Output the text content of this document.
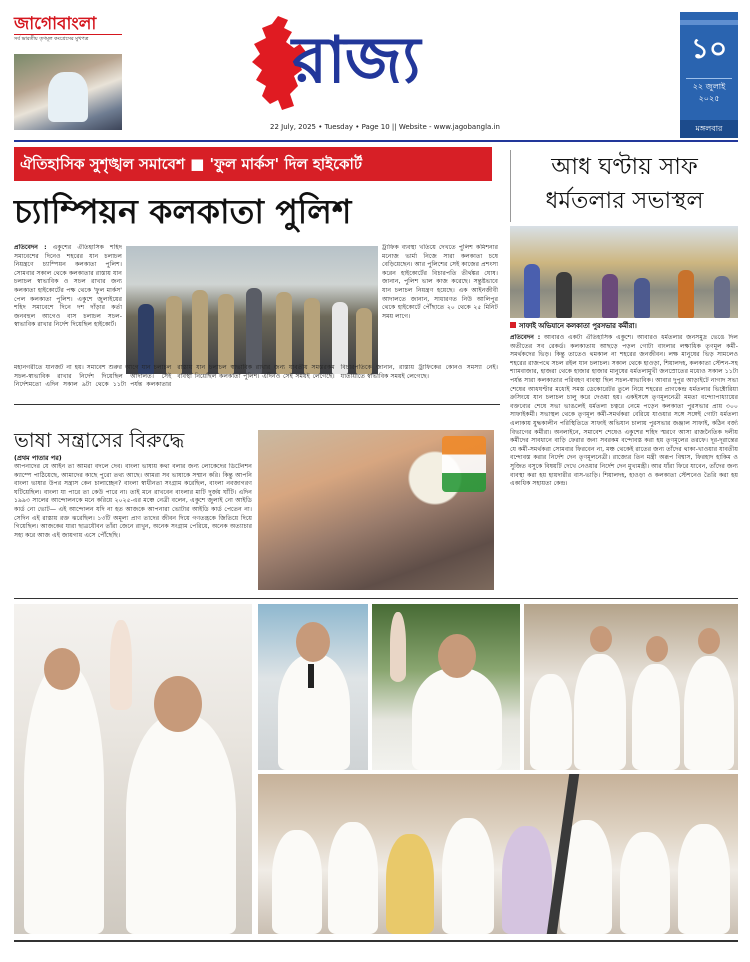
জাগোবাংলা
সর্ব ভারতীয় তৃণমূল কংগ্রেসের মুখপত্র	রাজ্য
22 July, 2025 • Tuesday • Page 10 || Website - www.jagobangla.in
১০
২২ জুলাই
২০২৫
মঙ্গলবার
ঐতিহাসিক সুশৃঙ্খল সমাবেশ ■ 'ফুল মার্কস' দিল হাইকোর্ট
চ্যাম্পিয়ন কলকাতা পুলিশ
প্রতিবেদন : একুশের ঐতিহাসিক শহিদ সমাবেশের দিনেও শহরের যান চলাচল নিয়ন্ত্রণে চ্যাম্পিয়ন কলকাতা পুলিশ। সোমবার সকাল থেকে কলকাতার রাস্তায় যান চলাচল স্বাভাবিক ও সচল রাখার জন্য কলকাতা হাইকোর্টের পক্ষ থেকে 'ফুল মার্কস' পেল কলকাতা পুলিশ। একুশে জুলাইয়ের শহিদ সমাবেশে দিনে দশ দাঁড়ার কর্তা জনবহুল আগেও বাস চলাচল সচল-স্বাভাবিক রাখার নির্দেশ দিয়েছিল হাইকোর্ট।
ট্রাফিক ব্যবস্থা খতিয়ে দেখতে পুলিশ কমিশনার মনোজ ভার্মা নিজে সারা কলকাতা চষে বেড়িয়েছেন। আর পুলিশের সেই কাজের প্রশংসা করেন হাইকোর্টের বিচারপতি তীর্থঙ্কর ঘোষ। জানান, পুলিশ ভাল কাজ করেছে। সন্তুষ্টভাবে যান চলাচল নিয়ন্ত্রণ হয়েছে। এক আইনজীবী আদালতে জানান, সাধারণত নিউ আলিপুর থেকে হাইকোর্টে পৌঁছাতে ২০ থেকে ২৫ মিনিট সময় লাগে।
মহানগরীতে যানজট না হয়। সমাবেশ শুরুর আগে যান চলাচল সচল-স্বাভাবিক রাখার নির্দেশ দিয়েছিল আদালত। সেই নির্দেশমতো এদিন সকাল ৯টা থেকে ১১টা পর্যন্ত কলকাতার রাস্তায় যান চলাচল স্বাভাবিক রাখার জন্য যাবতীয় সমস্তরকম ব্যবস্থা নিয়েছিল কলকাতা পুলিশ। এদিনও সেই সময়ই লেগেছে। বিচারপতিকে জানান, রাস্তায় ট্রাফিকের কোনও সমস্যা নেই। যাতায়াতে স্বাভাবিক সময়ই লেগেছে।
আধ ঘণ্টায় সাফ
ধর্মতলার সভাস্থল
সাফাই অভিযানে কলকাতা পুরসভার কর্মীরা।
প্রতিবেদন : আবারও একটা ঐতিহাসিক একুশে। আবারও ধর্মতলার জনসমুদ্র ভেঙে দিল অতীতের সব রেকর্ড। কলকাতায় আছড়ে পড়ল গোটা বাংলার লক্ষাধিক তৃণমূল কর্মী-সমর্থকদের ভিড়। কিন্তু তাতেও থমকাল না শহরের জনজীবন। লক্ষ মানুষের ভিড় সামলেও শহরের রাজপথে সচল রইল যান চলাচল। সকাল থেকে হাওড়া, শিয়ালদহ, কলকাতা স্টেশন-সহ শ্যামবাজার, হাজরা থেকে হাজার হাজার মানুষের ধর্মতলামুখী জনস্রোতের মধ্যেও সকাল ১১টা পর্যন্ত সারা কলকাতার পরিবহণ ব্যবস্থা ছিল সচল-স্বাভাবিক। আবার দুপুর আড়াইটে নাগাদ সভা শেষের আধঘণ্টার মধ্যেই সমস্ত ডেকোরেটর তুলে নিয়ে শহরের প্রাণকেন্দ্র ধর্মতলার ভিক্টোরিয়া ক্রসিংয়ে যান চলাচল চালু করে দেওয়া হয়। একইসঙ্গে তৃণমূলনেত্রী মমতা বন্দ্যোপাধ্যায়ের বক্তব্যের শেষে সভা ভাঙলেই ধর্মতলা চত্বরে নেমে পড়েন কলকাতা পুরসভার প্রায় ৩০০ সাফাইকর্মী। সভাস্থল থেকে তৃণমূল কর্মী-সমর্থকরা বেরিয়ে যাওয়ার সঙ্গে সঙ্গেই গোটা ধর্মতলা এলাকায় যুদ্ধকালীন পরিস্থিতিতে সাফাই অভিযান চালায় পুরসভার জঞ্জাল সাফাই, কঠিন বর্জ্য বিভাগের কর্মীরা। অনলাইনে, সমাবেশ শেষেও একুশের শহিদ স্মরণে আসা রাজনৈতিক দলীয় কর্মীদের সাবধানে বাড়ি ফেরার জন্য সবরকম বন্দোবস্ত করা হয় তৃণমূলের তরফে। দূর-দূরান্তের যে কর্মী-সমর্থকরা সোমবার ফিরবেন না, মঞ্চ থেকেই রাতের জন্য তাঁদের থাকা-খাওয়ার যাবতীয় বন্দোবস্ত করার নির্দেশ দেন তৃণমূলনেত্রী। রাজ্যের তিন মন্ত্রী অরূপ বিশ্বাস, ফিরহাদ হাকিম ও সুজিত বসুকে বিষয়টি দেখে নেওয়ার নির্দেশ দেন মুখ্যমন্ত্রী। আর যাঁরা ফিরে যাবেন, তাঁদের জন্য ব্যবস্থা করা হয় হায়দারীর বাস-ভাড়ি। শিয়ালদহ, হাওড়া ও কলকাতা স্টেশনেও তৈরি করা হয় একাধিক সহায়তা কেন্দ্র।
ভাষা সন্ত্রাসের বিরুদ্ধে
(প্রথম পাতার পর)
আপনাদের যে আইন তা আমরা বদলে দেব। বাংলা ভাষায় কথা বলার জন্য লোকেদের ডিটেনশন ক্যাম্পে পাঠিয়েছে, আমাদের কাছে পুরো তথ্য আছে। আমরা সব ভাষাকে সম্মান করি। কিন্তু আপনি বাংলা ভাষার উপর সন্ত্রাস কেন চালাচ্ছেন? বাংলা স্বাধীনতা সংগ্রাম করেছিল, বাংলা নবজাগরণ ঘটিয়েছিল। বাংলা যা পারে তা কেউ পারে না। তাই মনে রাখবেন বাংলার মাটি দুর্জয় ঘাঁটি। এদিন ১৯৯৩ সালের আন্দোলনকে মনে করিয়ে ২০২৫-এর মঞ্চে নেত্রী বলেন, একুশে জুলাই নো আইডি কার্ড নো ভোট— এই আন্দোলন যদি না হত আজকে আপনারা ভোটার আইডি কার্ড পেতেন না। সেদিন এই রাস্তায় রক্ত ঝরেছিল। ১৩টি অমূল্য প্রাণ তাদের জীবন দিয়ে গণতন্ত্রকে জিতিয়ে দিয়ে গিয়েছিল। আজকের যারা ছাত্রযৌবন তাঁরা জেনে রাখুন, অনেক সংগ্রাম পেরিয়ে, অনেক অত্যাচার সহ্য করে আজ এই জায়গায় এসে পৌঁছেছি।
